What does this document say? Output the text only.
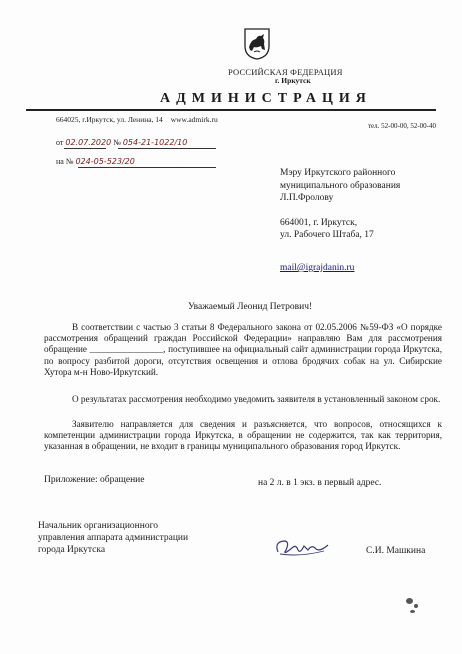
РОССИЙСКАЯ ФЕДЕРАЦИЯ
г. Иркутск
АДМИНИСТРАЦИЯ
664025, г.Иркутск, ул. Ленина, 14 www.admirk.ru
тел. 52-00-00, 52-00-40
от 02.07.2020 № 054-21-1022/10
на № 024-05-523/20
Мэру Иркутского районного
муниципального образования
Л.П.Фролову
664001, г. Иркутск,
ул. Рабочего Штаба, 17
mail@igrajdanin.ru
Уважаемый Леонид Петрович!
В соответствии с частью 3 статьи 8 Федерального закона от 02.05.2006 №59-ФЗ «О порядке рассмотрения обращений граждан Российской Федерации» направляю Вам для рассмотрения обращение ________________, поступившее на официальный сайт администрации города Иркутска, по вопросу разбитой дороги, отсутствия освещения и отлова бродячих собак на ул. Сибирские Хутора м-н Ново-Иркутский.
О результатах рассмотрения необходимо уведомить заявителя в установленный законом срок.
Заявителю направляется для сведения и разъясняется, что вопросов, относящихся к компетенции администрации города Иркутска, в обращении не содержится, так как территория, указанная в обращении, не входит в границы муниципального образования город Иркутск.
Приложение: обращение	на 2 л. в 1 экз. в первый адрес.
Начальник организационного
управления аппарата администрации
города Иркутска	С.И. Машкина
